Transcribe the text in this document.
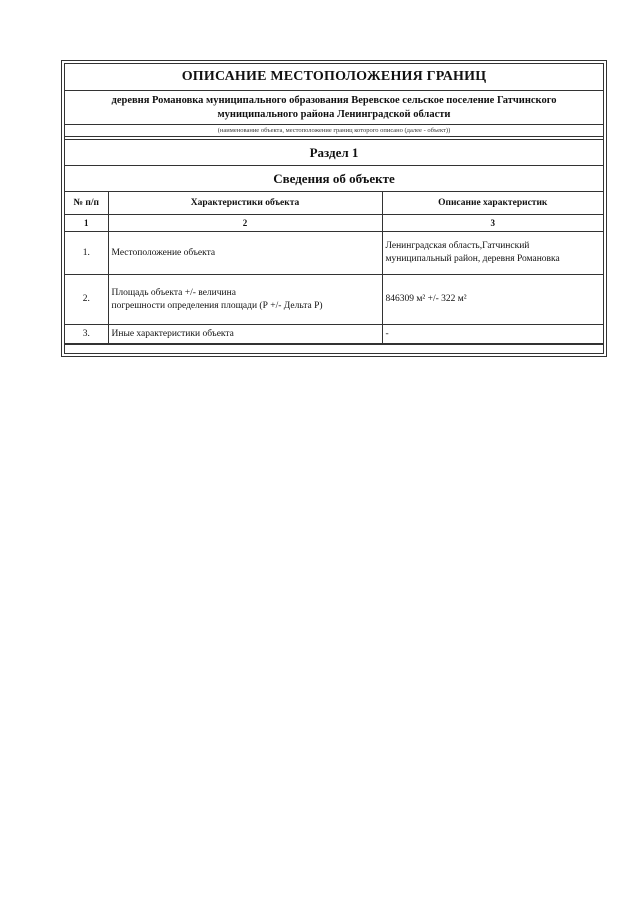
ОПИСАНИЕ МЕСТОПОЛОЖЕНИЯ ГРАНИЦ
деревня Романовка муниципального образования Веревское сельское поселение Гатчинского
муниципального района Ленинградской области
(наименование объекта, местоположение границ которого описано (далее - объект))
Раздел 1
Сведения об объекте
№ п/п	Характеристики объекта	Описание характеристик
1	2	3
1.	Местоположение объекта	Ленинградская область,Гатчинский
муниципальный район, деревня Романовка

2.	Площадь объекта +/- величина
погрешности определения площади (Р +/- Дельта Р)	846309 м² +/- 322 м²
3.	Иные характеристики объекта	-
